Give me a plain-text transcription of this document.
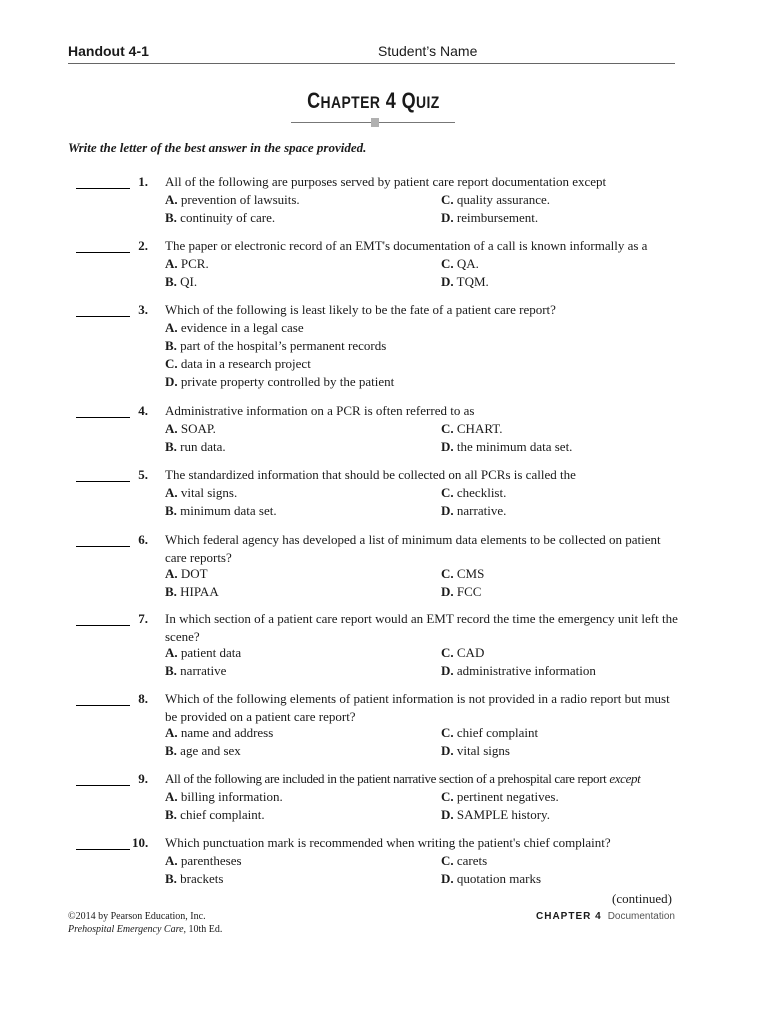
Handout 4-1	Student’s Name
CHAPTER 4 QUIZ
Write the letter of the best answer in the space provided.
1. All of the following are purposes served by patient care report documentation except
A. prevention of lawsuits.	C. quality assurance.
B. continuity of care.	D. reimbursement.
2. The paper or electronic record of an EMT's documentation of a call is known informally as a
A. PCR.	C. QA.
B. QI.	D. TQM.
3. Which of the following is least likely to be the fate of a patient care report?
A. evidence in a legal case
B. part of the hospital’s permanent records
C. data in a research project
D. private property controlled by the patient
4. Administrative information on a PCR is often referred to as
A. SOAP.	C. CHART.
B. run data.	D. the minimum data set.
5. The standardized information that should be collected on all PCRs is called the
A. vital signs.	C. checklist.
B. minimum data set.	D. narrative.
6. Which federal agency has developed a list of minimum data elements to be collected on patient care reports?
A. DOT	C. CMS
B. HIPAA	D. FCC
7. In which section of a patient care report would an EMT record the time the emergency unit left the scene?
A. patient data	C. CAD
B. narrative	D. administrative information
8. Which of the following elements of patient information is not provided in a radio report but must be provided on a patient care report?
A. name and address	C. chief complaint
B. age and sex	D. vital signs
9. All of the following are included in the patient narrative section of a prehospital care report except
A. billing information.	C. pertinent negatives.
B. chief complaint.	D. SAMPLE history.
10. Which punctuation mark is recommended when writing the patient's chief complaint?
A. parentheses	C. carets
B. brackets	D. quotation marks
(continued)
©2014 by Pearson Education, Inc.
Prehospital Emergency Care, 10th Ed.
CHAPTER 4 Documentation
